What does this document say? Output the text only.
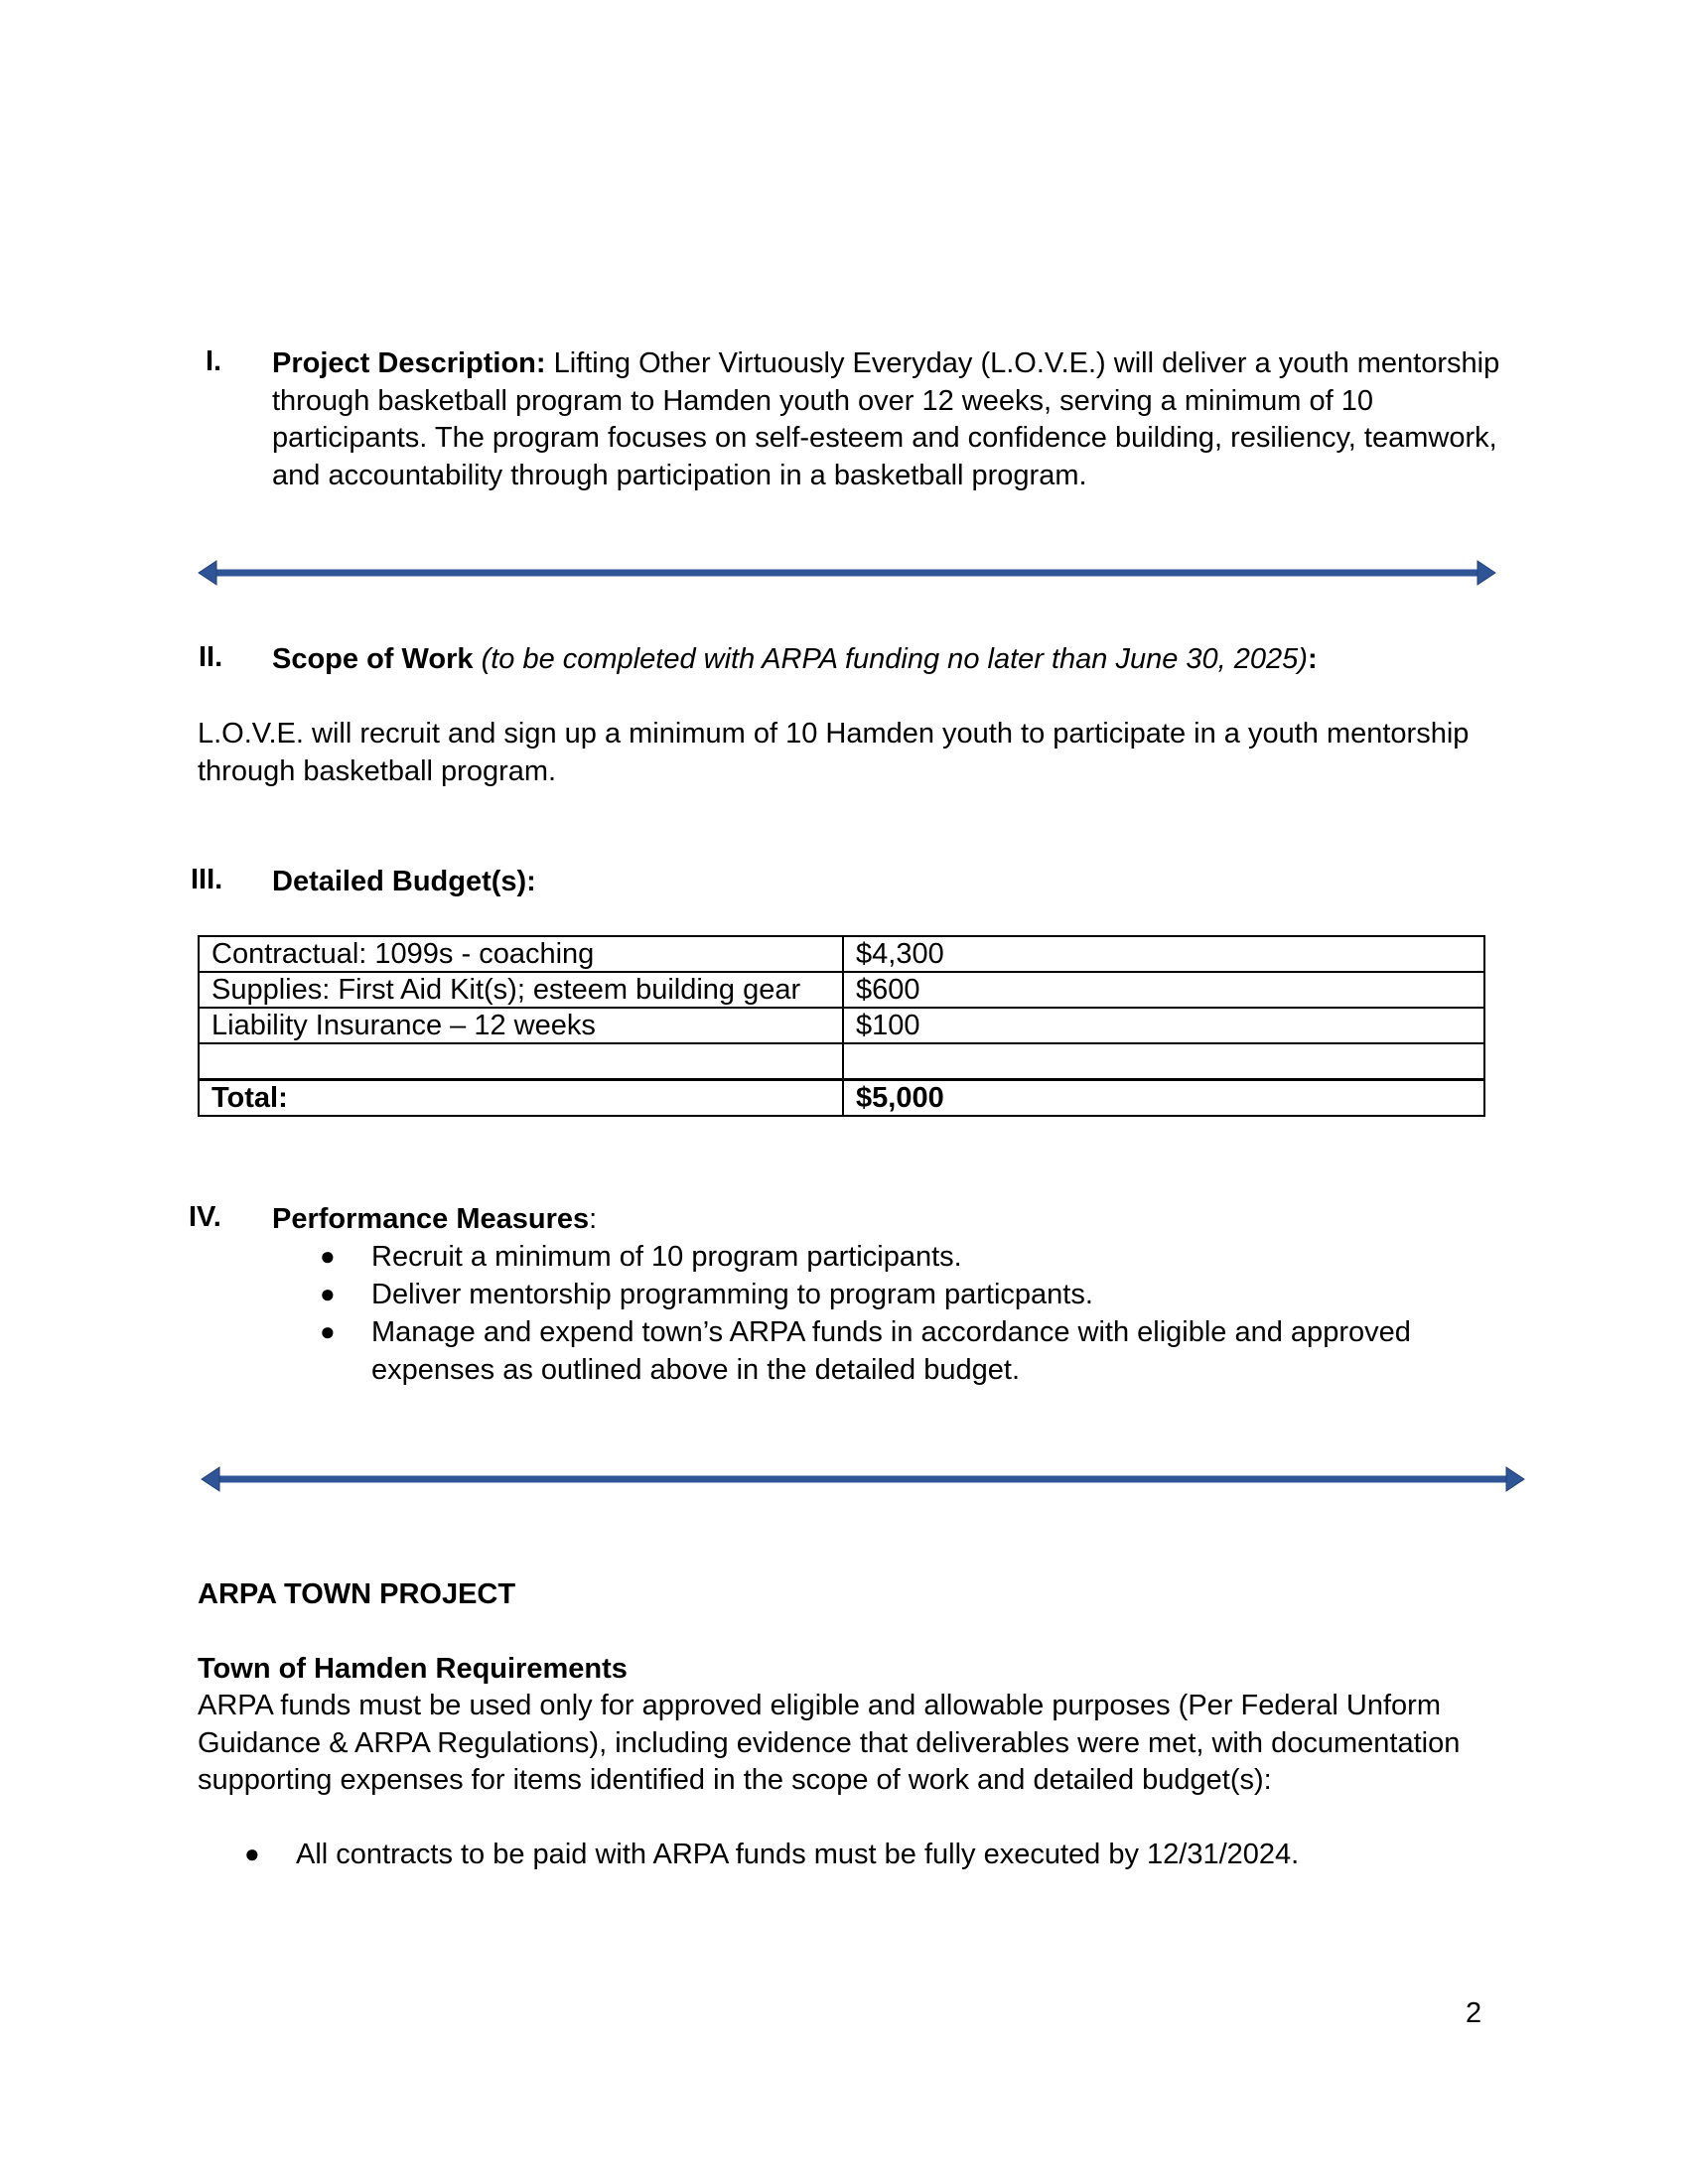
I. Project Description: Lifting Other Virtuously Everyday (L.O.V.E.) will deliver a youth mentorship
through basketball program to Hamden youth over 12 weeks, serving a minimum of 10
participants. The program focuses on self-esteem and confidence building, resiliency, teamwork,
and accountability through participation in a basketball program.
II. Scope of Work (to be completed with ARPA funding no later than June 30, 2025):
L.O.V.E. will recruit and sign up a minimum of 10 Hamden youth to participate in a youth mentorship
through basketball program.
III. Detailed Budget(s):
Contractual: 1099s - coaching	$4,300
Supplies: First Aid Kit(s); esteem building gear	$600
Liability Insurance – 12 weeks	$100

Total:	$5,000
IV. Performance Measures:
● Recruit a minimum of 10 program participants.
● Deliver mentorship programming to program particpants.
● Manage and expend town’s ARPA funds in accordance with eligible and approved
expenses as outlined above in the detailed budget.
ARPA TOWN PROJECT
Town of Hamden Requirements
ARPA funds must be used only for approved eligible and allowable purposes (Per Federal Unform
Guidance & ARPA Regulations), including evidence that deliverables were met, with documentation
supporting expenses for items identified in the scope of work and detailed budget(s):
● All contracts to be paid with ARPA funds must be fully executed by 12/31/2024.
2
